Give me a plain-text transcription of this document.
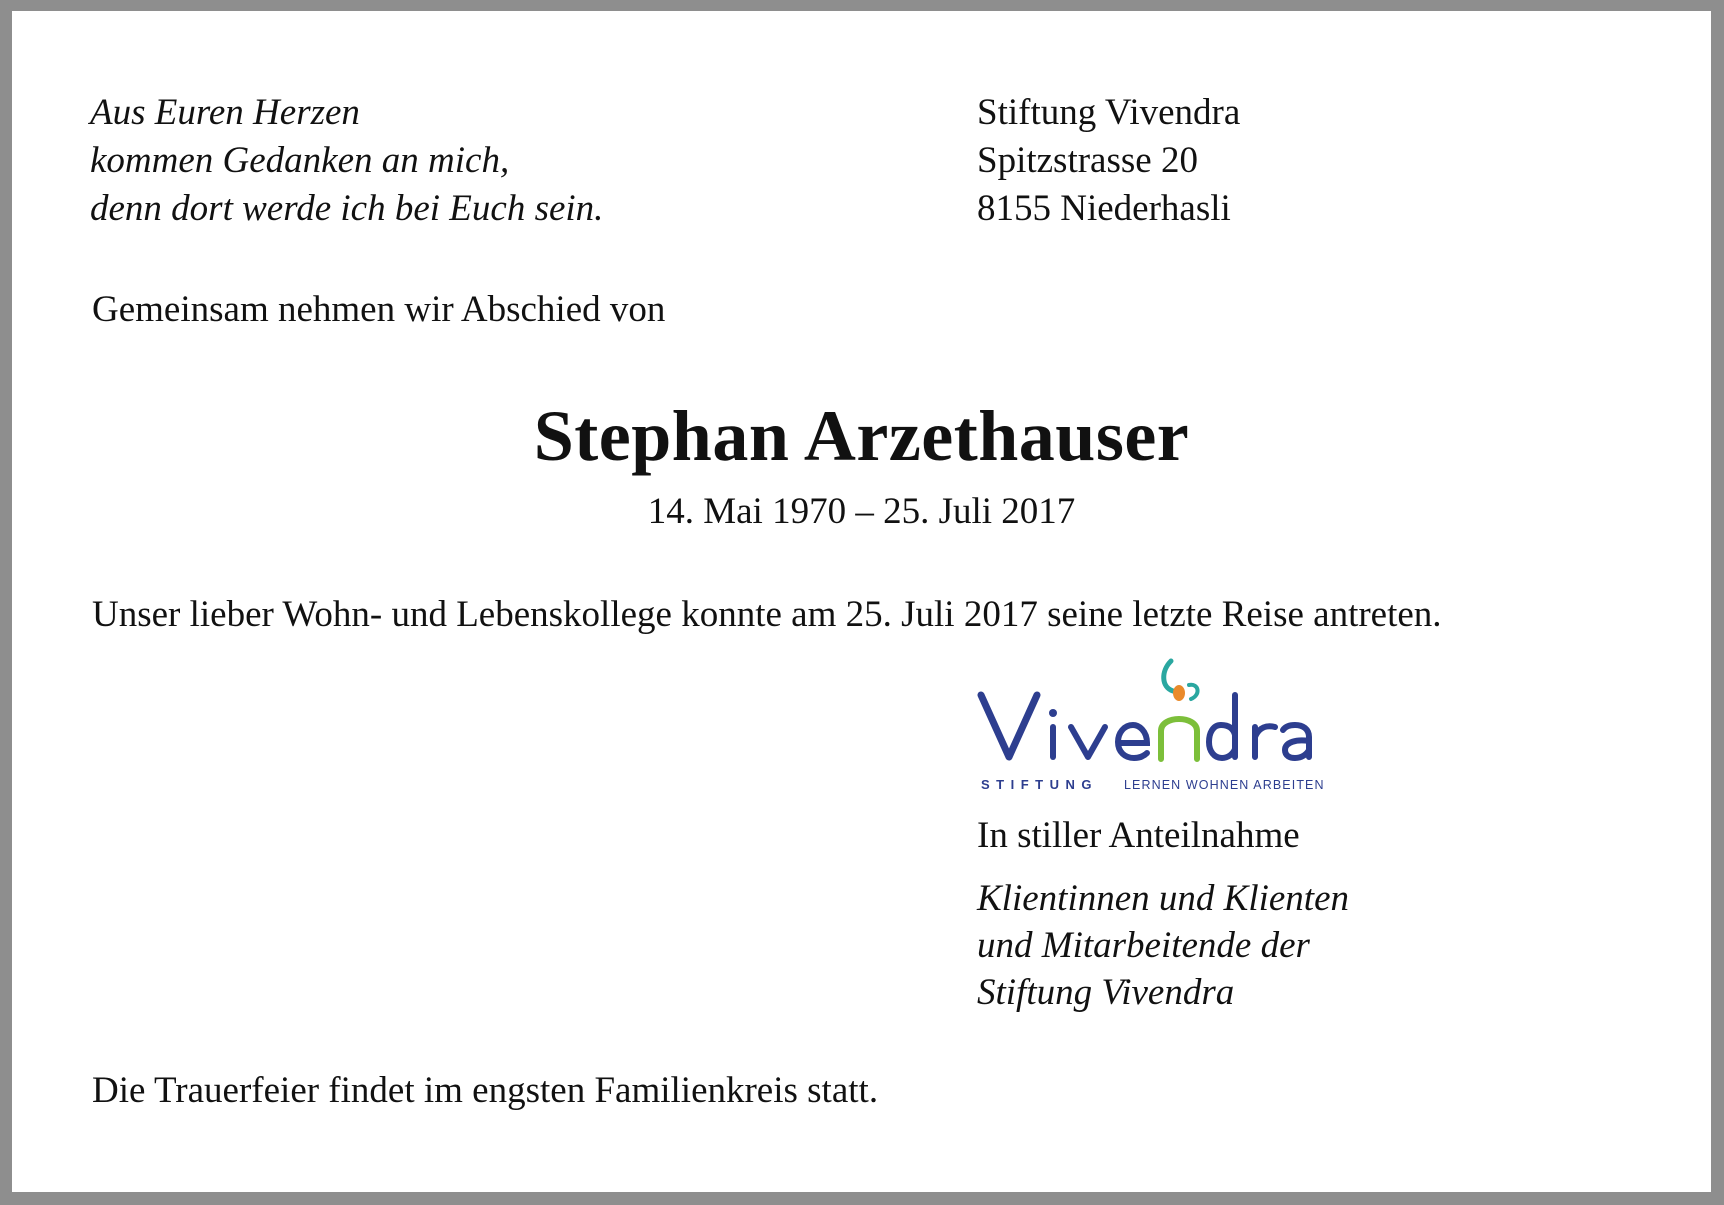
Aus Euren Herzen
kommen Gedanken an mich,
denn dort werde ich bei Euch sein.
Stiftung Vivendra
Spitzstrasse 20
8155 Niederhasli
Gemeinsam nehmen wir Abschied von
Stephan Arzethauser
14. Mai 1970 – 25. Juli 2017
Unser lieber Wohn- und Lebenskollege konnte am 25. Juli 2017 seine letzte Reise antreten.
STIFTUNG LERNEN WOHNEN ARBEITEN
In stiller Anteilnahme
Klientinnen und Klienten
und Mitarbeitende der
Stiftung Vivendra
Die Trauerfeier findet im engsten Familienkreis statt.
